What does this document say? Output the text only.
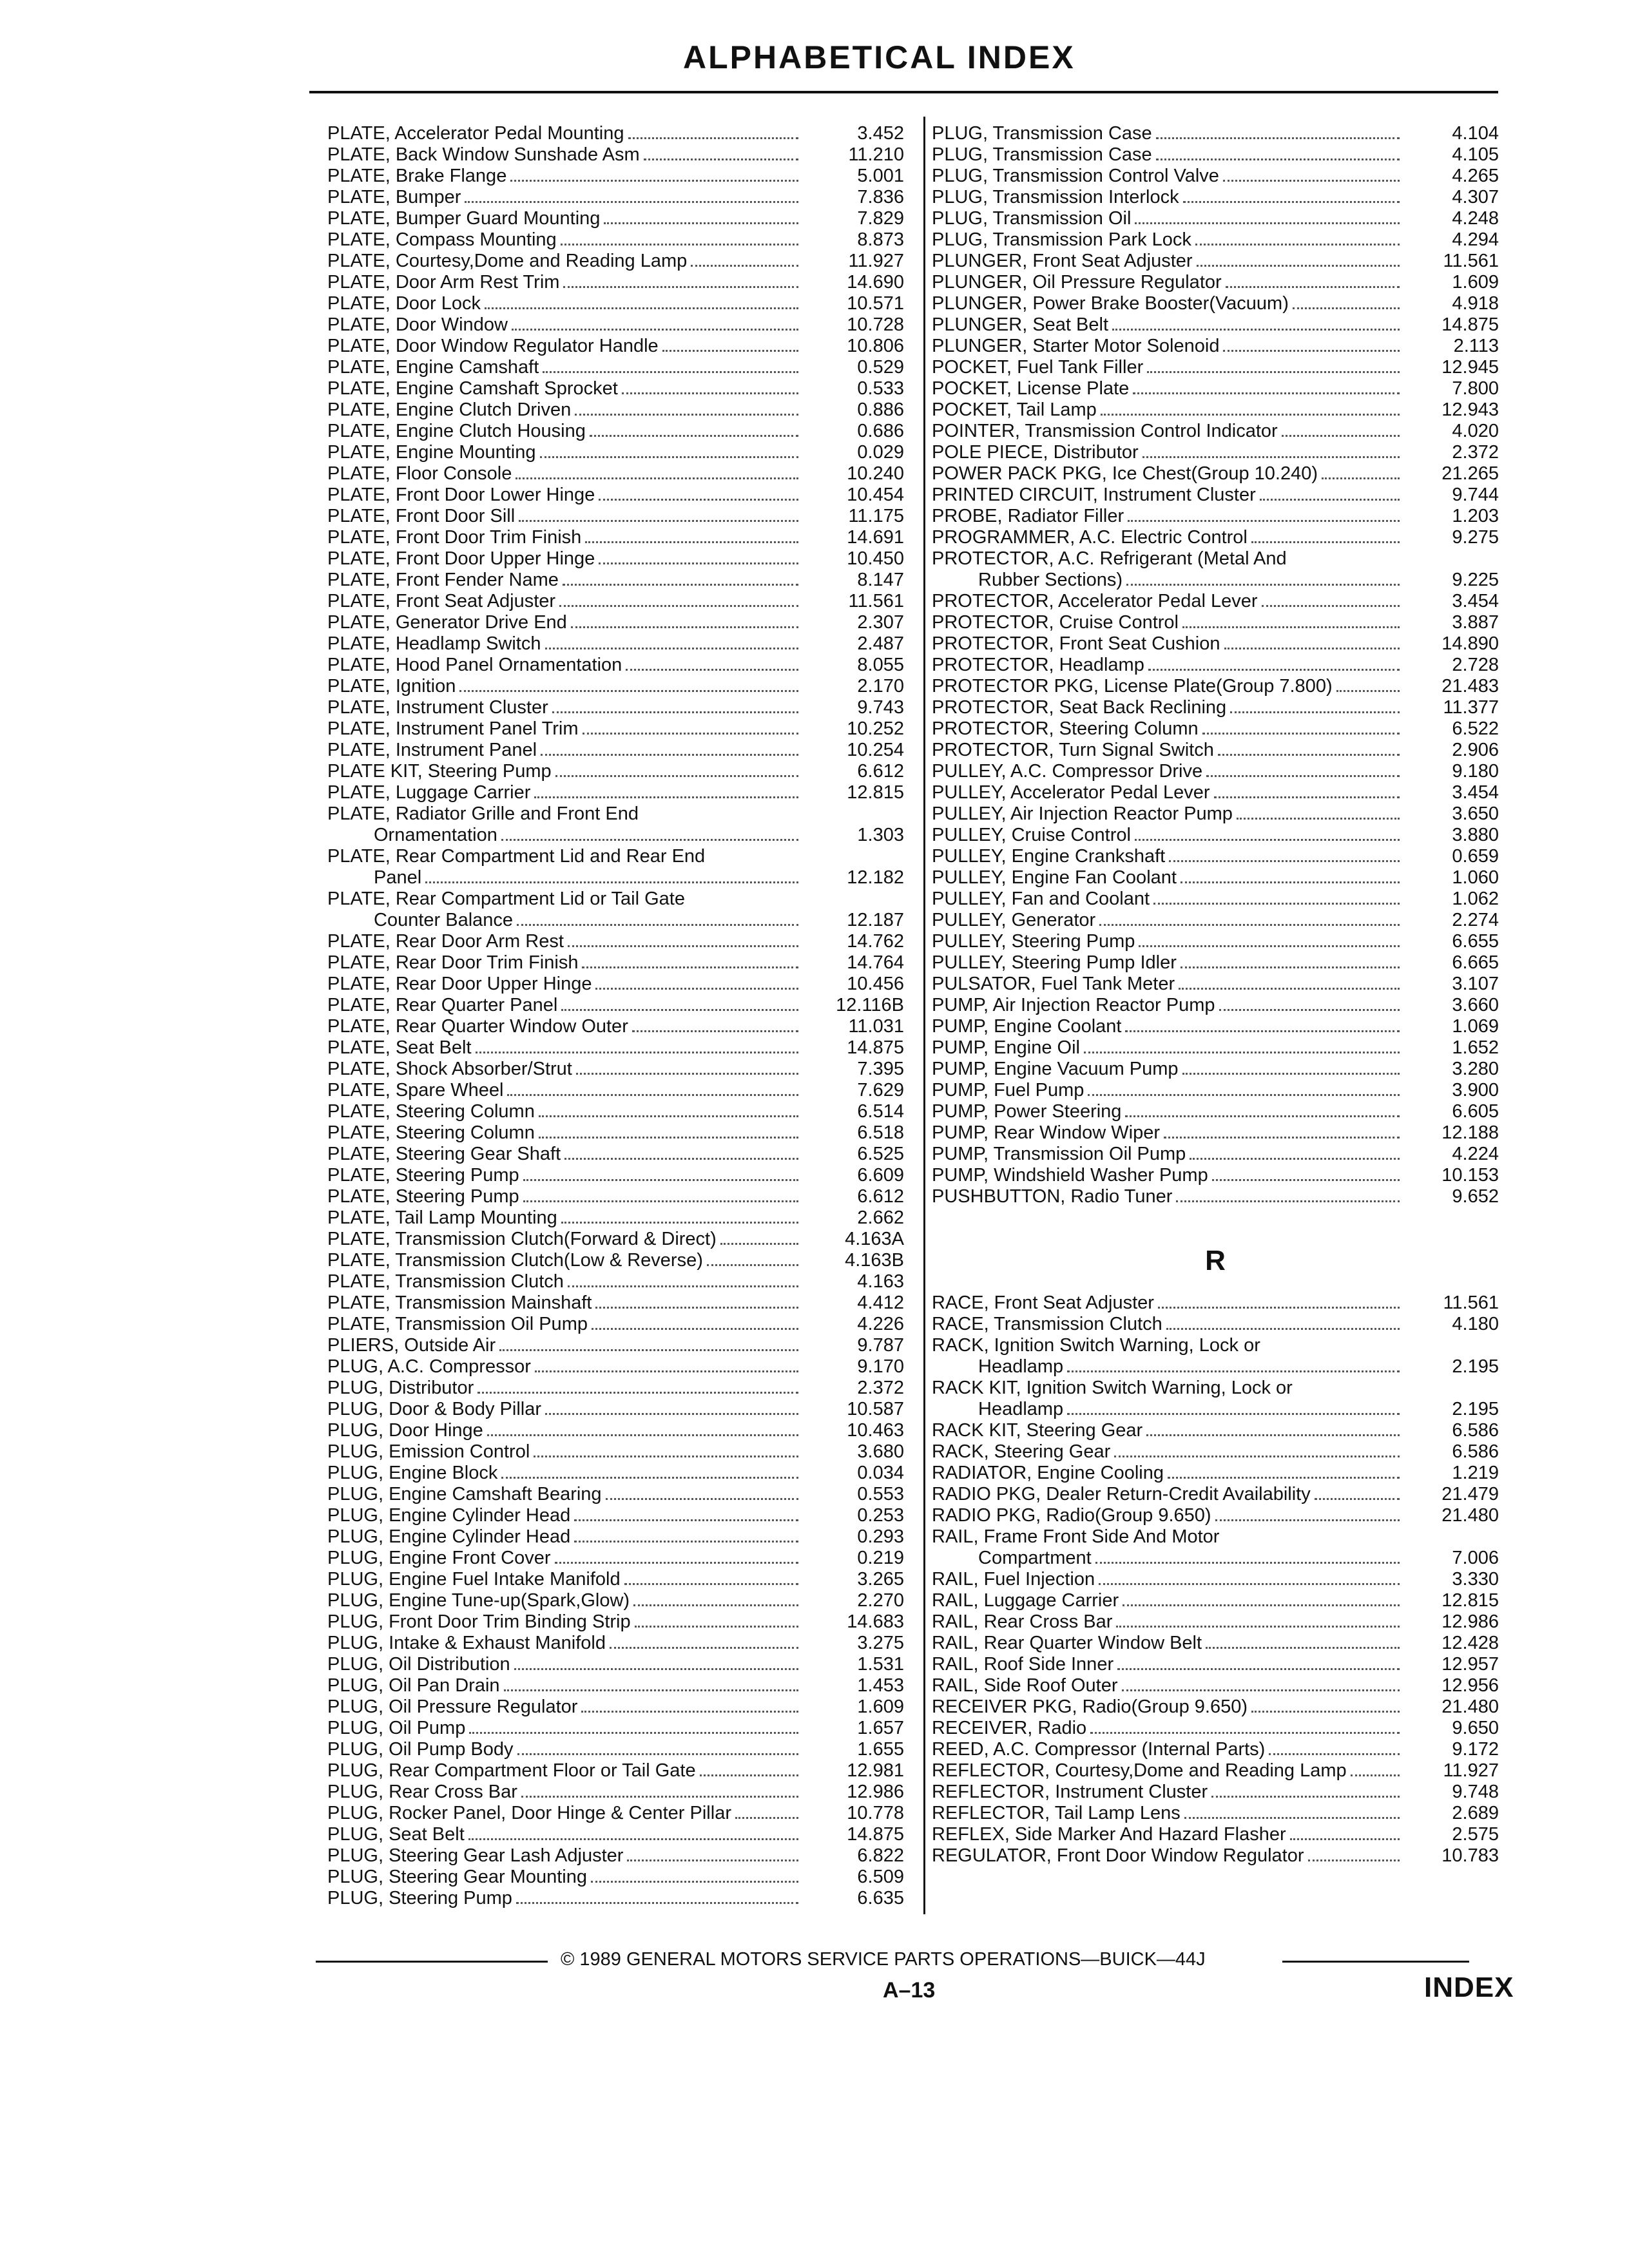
ALPHABETICAL INDEX
PLATE, Accelerator Pedal Mounting	3.452
PLATE, Back Window Sunshade Asm	11.210
PLATE, Brake Flange	5.001
PLATE, Bumper	7.836
PLATE, Bumper Guard Mounting	7.829
PLATE, Compass Mounting	8.873
PLATE, Courtesy,Dome and Reading Lamp	11.927
PLATE, Door Arm Rest Trim	14.690
PLATE, Door Lock	10.571
PLATE, Door Window	10.728
PLATE, Door Window Regulator Handle	10.806
PLATE, Engine Camshaft	0.529
PLATE, Engine Camshaft Sprocket	0.533
PLATE, Engine Clutch Driven	0.886
PLATE, Engine Clutch Housing	0.686
PLATE, Engine Mounting	0.029
PLATE, Floor Console	10.240
PLATE, Front Door Lower Hinge	10.454
PLATE, Front Door Sill	11.175
PLATE, Front Door Trim Finish	14.691
PLATE, Front Door Upper Hinge	10.450
PLATE, Front Fender Name	8.147
PLATE, Front Seat Adjuster	11.561
PLATE, Generator Drive End	2.307
PLATE, Headlamp Switch	2.487
PLATE, Hood Panel Ornamentation	8.055
PLATE, Ignition	2.170
PLATE, Instrument Cluster	9.743
PLATE, Instrument Panel Trim	10.252
PLATE, Instrument Panel	10.254
PLATE KIT, Steering Pump	6.612
PLATE, Luggage Carrier	12.815
PLATE, Radiator Grille and Front End
Ornamentation	1.303
PLATE, Rear Compartment Lid and Rear End
Panel	12.182
PLATE, Rear Compartment Lid or Tail Gate
Counter Balance	12.187
PLATE, Rear Door Arm Rest	14.762
PLATE, Rear Door Trim Finish	14.764
PLATE, Rear Door Upper Hinge	10.456
PLATE, Rear Quarter Panel	12.116B
PLATE, Rear Quarter Window Outer	11.031
PLATE, Seat Belt	14.875
PLATE, Shock Absorber/Strut	7.395
PLATE, Spare Wheel	7.629
PLATE, Steering Column	6.514
PLATE, Steering Column	6.518
PLATE, Steering Gear Shaft	6.525
PLATE, Steering Pump	6.609
PLATE, Steering Pump	6.612
PLATE, Tail Lamp Mounting	2.662
PLATE, Transmission Clutch(Forward & Direct)	4.163A
PLATE, Transmission Clutch(Low & Reverse)	4.163B
PLATE, Transmission Clutch	4.163
PLATE, Transmission Mainshaft	4.412
PLATE, Transmission Oil Pump	4.226
PLIERS, Outside Air	9.787
PLUG, A.C. Compressor	9.170
PLUG, Distributor	2.372
PLUG, Door & Body Pillar	10.587
PLUG, Door Hinge	10.463
PLUG, Emission Control	3.680
PLUG, Engine Block	0.034
PLUG, Engine Camshaft Bearing	0.553
PLUG, Engine Cylinder Head	0.253
PLUG, Engine Cylinder Head	0.293
PLUG, Engine Front Cover	0.219
PLUG, Engine Fuel Intake Manifold	3.265
PLUG, Engine Tune-up(Spark,Glow)	2.270
PLUG, Front Door Trim Binding Strip	14.683
PLUG, Intake & Exhaust Manifold	3.275
PLUG, Oil Distribution	1.531
PLUG, Oil Pan Drain	1.453
PLUG, Oil Pressure Regulator	1.609
PLUG, Oil Pump	1.657
PLUG, Oil Pump Body	1.655
PLUG, Rear Compartment Floor or Tail Gate	12.981
PLUG, Rear Cross Bar	12.986
PLUG, Rocker Panel, Door Hinge & Center Pillar	10.778
PLUG, Seat Belt	14.875
PLUG, Steering Gear Lash Adjuster	6.822
PLUG, Steering Gear Mounting	6.509
PLUG, Steering Pump	6.635
PLUG, Transmission Case	4.104
PLUG, Transmission Case	4.105
PLUG, Transmission Control Valve	4.265
PLUG, Transmission Interlock	4.307
PLUG, Transmission Oil	4.248
PLUG, Transmission Park Lock	4.294
PLUNGER, Front Seat Adjuster	11.561
PLUNGER, Oil Pressure Regulator	1.609
PLUNGER, Power Brake Booster(Vacuum)	4.918
PLUNGER, Seat Belt	14.875
PLUNGER, Starter Motor Solenoid	2.113
POCKET, Fuel Tank Filler	12.945
POCKET, License Plate	7.800
POCKET, Tail Lamp	12.943
POINTER, Transmission Control Indicator	4.020
POLE PIECE, Distributor	2.372
POWER PACK PKG, Ice Chest(Group 10.240)	21.265
PRINTED CIRCUIT, Instrument Cluster	9.744
PROBE, Radiator Filler	1.203
PROGRAMMER, A.C. Electric Control	9.275
PROTECTOR, A.C. Refrigerant (Metal And
Rubber Sections)	9.225
PROTECTOR, Accelerator Pedal Lever	3.454
PROTECTOR, Cruise Control	3.887
PROTECTOR, Front Seat Cushion	14.890
PROTECTOR, Headlamp	2.728
PROTECTOR PKG, License Plate(Group 7.800)	21.483
PROTECTOR, Seat Back Reclining	11.377
PROTECTOR, Steering Column	6.522
PROTECTOR, Turn Signal Switch	2.906
PULLEY, A.C. Compressor Drive	9.180
PULLEY, Accelerator Pedal Lever	3.454
PULLEY, Air Injection Reactor Pump	3.650
PULLEY, Cruise Control	3.880
PULLEY, Engine Crankshaft	0.659
PULLEY, Engine Fan Coolant	1.060
PULLEY, Fan and Coolant	1.062
PULLEY, Generator	2.274
PULLEY, Steering Pump	6.655
PULLEY, Steering Pump Idler	6.665
PULSATOR, Fuel Tank Meter	3.107
PUMP, Air Injection Reactor Pump	3.660
PUMP, Engine Coolant	1.069
PUMP, Engine Oil	1.652
PUMP, Engine Vacuum Pump	3.280
PUMP, Fuel Pump	3.900
PUMP, Power Steering	6.605
PUMP, Rear Window Wiper	12.188
PUMP, Transmission Oil Pump	4.224
PUMP, Windshield Washer Pump	10.153
PUSHBUTTON, Radio Tuner	9.652
R
RACE, Front Seat Adjuster	11.561
RACE, Transmission Clutch	4.180
RACK, Ignition Switch Warning, Lock or
Headlamp	2.195
RACK KIT, Ignition Switch Warning, Lock or
Headlamp	2.195
RACK KIT, Steering Gear	6.586
RACK, Steering Gear	6.586
RADIATOR, Engine Cooling	1.219
RADIO PKG, Dealer Return-Credit Availability	21.479
RADIO PKG, Radio(Group 9.650)	21.480
RAIL, Frame Front Side And Motor
Compartment	7.006
RAIL, Fuel Injection	3.330
RAIL, Luggage Carrier	12.815
RAIL, Rear Cross Bar	12.986
RAIL, Rear Quarter Window Belt	12.428
RAIL, Roof Side Inner	12.957
RAIL, Side Roof Outer	12.956
RECEIVER PKG, Radio(Group 9.650)	21.480
RECEIVER, Radio	9.650
REED, A.C. Compressor (Internal Parts)	9.172
REFLECTOR, Courtesy,Dome and Reading Lamp	11.927
REFLECTOR, Instrument Cluster	9.748
REFLECTOR, Tail Lamp Lens	2.689
REFLEX, Side Marker And Hazard Flasher	2.575
REGULATOR, Front Door Window Regulator	10.783
© 1989 GENERAL MOTORS SERVICE PARTS OPERATIONS—BUICK—44J
A–13	INDEX
